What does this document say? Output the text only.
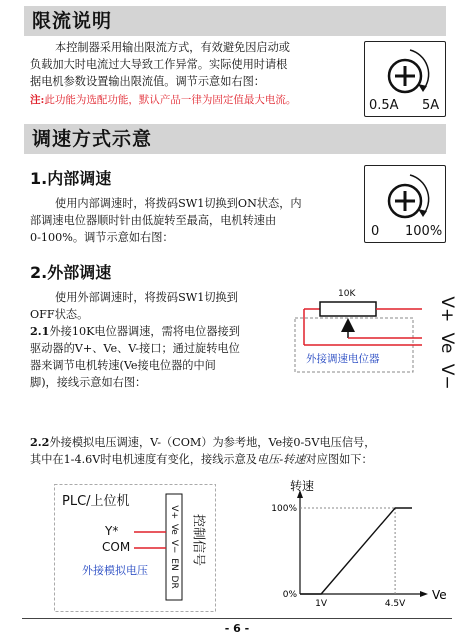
限流说明
本控制器采用输出限流方式，有效避免因启动或
负载加大时电流过大导致工作异常。实际使用时请根
据电机参数设置输出限流值。调节示意如右图：
注:此功能为选配功能，默认产品一律为固定值最大电流。	0.5A 5A
调速方式示意
1.内部调速
使用内部调速时，将拨码SW1切换到ON状态，内
部调速电位器顺时针由低旋转至最高，电机转速由
0-100%。调节示意如右图：	0 100%
2.外部调速
使用外部调速时，将拨码SW1切换到
OFF状态。
2.1外接10K电位器调速，需将电位器接到
驱动器的V+、Ve、V-接口；通过旋转电位
器来调节电机转速(Ve接电位器的中间
脚)，接线示意如右图：
10K
外接调速电位器	V+ Ve V−
2.2外接模拟电压调速，V-（COM）为参考地，Ve接0-5V电压信号，
其中在1-4.6V时电机速度有变化，接线示意及电压-转速对应图如下：
PLC/上位机
Y*
COM
外接模拟电压 V+ Ve V− EN DR 控制信号
100%
0%
1V	4.5V
Ve
转速
- 6 -
